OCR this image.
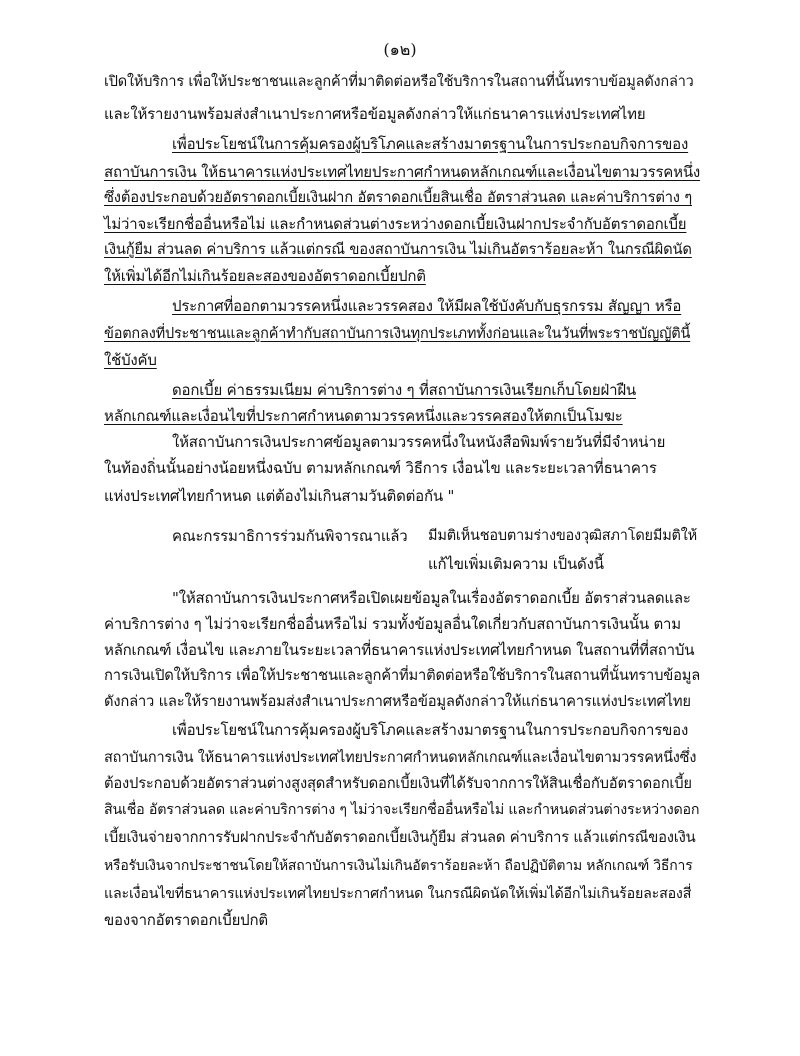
(๑๒)
เปิดให้บริการ เพื่อให้ประชาชนและลูกค้าที่มาติดต่อหรือใช้บริการในสถานที่นั้นทราบข้อมูลดังกล่าว
และให้รายงานพร้อมส่งสำเนาประกาศหรือข้อมูลดังกล่าวให้แก่ธนาคารแห่งประเทศไทย
เพื่อประโยชน์ในการคุ้มครองผู้บริโภคและสร้างมาตรฐานในการประกอบกิจการของ
สถาบันการเงิน ให้ธนาคารแห่งประเทศไทยประกาศกำหนดหลักเกณฑ์และเงื่อนไขตามวรรคหนึ่ง
ซึ่งต้องประกอบด้วยอัตราดอกเบี้ยเงินฝาก อัตราดอกเบี้ยสินเชื่อ อัตราส่วนลด และค่าบริการต่าง ๆ
ไม่ว่าจะเรียกชื่ออื่นหรือไม่ และกำหนดส่วนต่างระหว่างดอกเบี้ยเงินฝากประจำกับอัตราดอกเบี้ย
เงินกู้ยืม ส่วนลด ค่าบริการ แล้วแต่กรณี ของสถาบันการเงิน ไม่เกินอัตราร้อยละห้า ในกรณีผิดนัด
ให้เพิ่มได้อีกไม่เกินร้อยละสองของอัตราดอกเบี้ยปกติ
ประกาศที่ออกตามวรรคหนึ่งและวรรคสอง ให้มีผลใช้บังคับกับธุรกรรม สัญญา หรือ
ข้อตกลงที่ประชาชนและลูกค้าทำกับสถาบันการเงินทุกประเภททั้งก่อนและในวันที่พระราชบัญญัตินี้
ใช้บังคับ
ดอกเบี้ย ค่าธรรมเนียม ค่าบริการต่าง ๆ ที่สถาบันการเงินเรียกเก็บโดยฝ่าฝืน
หลักเกณฑ์และเงื่อนไขที่ประกาศกำหนดตามวรรคหนึ่งและวรรคสองให้ตกเป็นโมฆะ
ให้สถาบันการเงินประกาศข้อมูลตามวรรคหนึ่งในหนังสือพิมพ์รายวันที่มีจำหน่าย
ในท้องถิ่นนั้นอย่างน้อยหนึ่งฉบับ ตามหลักเกณฑ์ วิธีการ เงื่อนไข และระยะเวลาที่ธนาคาร
แห่งประเทศไทยกำหนด แต่ต้องไม่เกินสามวันติดต่อกัน "
คณะกรรมาธิการร่วมกันพิจารณาแล้ว มีมติเห็นชอบตามร่างของวุฒิสภาโดยมีมติให้
แก้ไขเพิ่มเติมความ เป็นดังนี้
"ให้สถาบันการเงินประกาศหรือเปิดเผยข้อมูลในเรื่องอัตราดอกเบี้ย อัตราส่วนลดและ
ค่าบริการต่าง ๆ ไม่ว่าจะเรียกชื่ออื่นหรือไม่ รวมทั้งข้อมูลอื่นใดเกี่ยวกับสถาบันการเงินนั้น ตาม
หลักเกณฑ์ เงื่อนไข และภายในระยะเวลาที่ธนาคารแห่งประเทศไทยกำหนด ในสถานที่ที่สถาบัน
การเงินเปิดให้บริการ เพื่อให้ประชาชนและลูกค้าที่มาติดต่อหรือใช้บริการในสถานที่นั้นทราบข้อมูล
ดังกล่าว และให้รายงานพร้อมส่งสำเนาประกาศหรือข้อมูลดังกล่าวให้แก่ธนาคารแห่งประเทศไทย
เพื่อประโยชน์ในการคุ้มครองผู้บริโภคและสร้างมาตรฐานในการประกอบกิจการของ
สถาบันการเงิน ให้ธนาคารแห่งประเทศไทยประกาศกำหนดหลักเกณฑ์และเงื่อนไขตามวรรคหนึ่งซึ่ง
ต้องประกอบด้วยอัตราส่วนต่างสูงสุดสำหรับดอกเบี้ยเงินที่ได้รับจากการให้สินเชื่อกับอัตราดอกเบี้ย
สินเชื่อ อัตราส่วนลด และค่าบริการต่าง ๆ ไม่ว่าจะเรียกชื่ออื่นหรือไม่ และกำหนดส่วนต่างระหว่างดอก
เบี้ยเงินจ่ายจากการรับฝากประจำกับอัตราดอกเบี้ยเงินกู้ยืม ส่วนลด ค่าบริการ แล้วแต่กรณีของเงิน
หรือรับเงินจากประชาชนโดยให้สถาบันการเงินไม่เกินอัตราร้อยละห้า ถือปฏิบัติตาม หลักเกณฑ์ วิธีการ
และเงื่อนไขที่ธนาคารแห่งประเทศไทยประกาศกำหนด ในกรณีผิดนัดให้เพิ่มได้อีกไม่เกินร้อยละสองสี่
ของจากอัตราดอกเบี้ยปกติ
